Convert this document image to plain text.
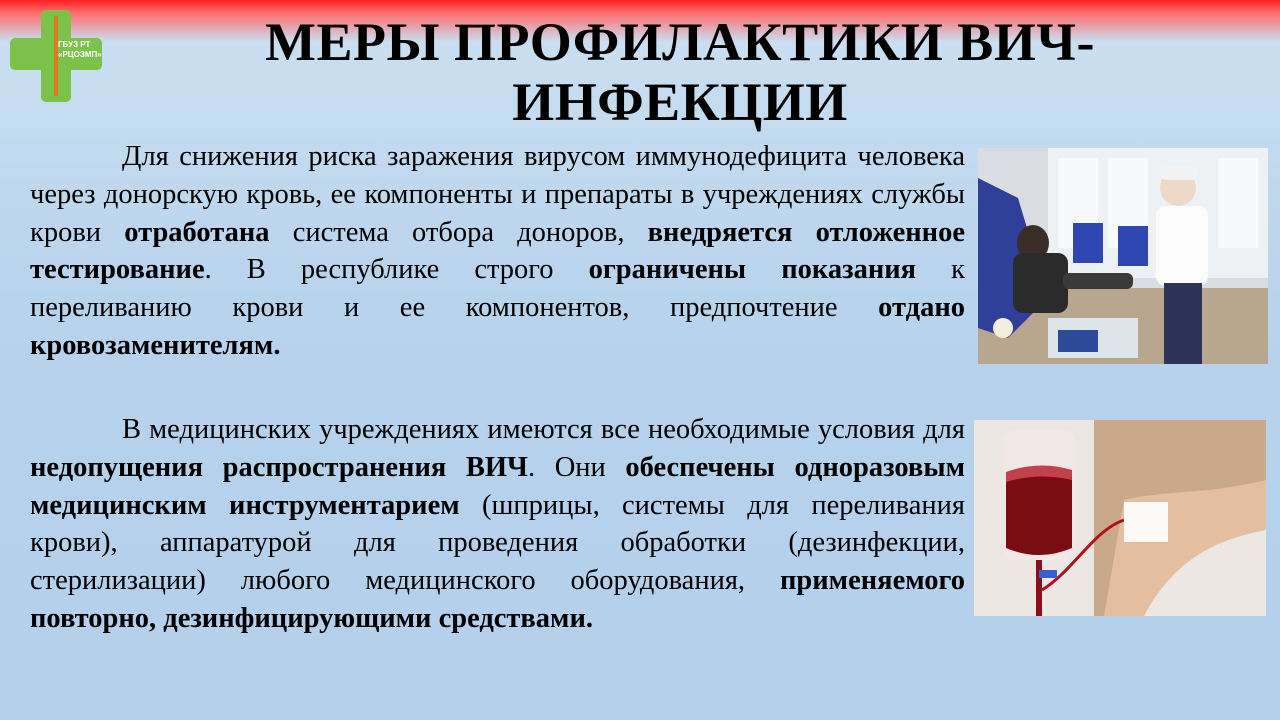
ГБУЗ РТ
«РЦОЗМП»	МЕРЫ ПРОФИЛАКТИКИ ВИЧ-
ИНФЕКЦИИ

Для снижения риска заражения вирусом иммунодефицита человека через донорскую кровь, ее компоненты и препараты в учреждениях службы крови отработана система отбора доноров, внедряется отложенное тестирование. В республике строго ограничены показания к переливанию крови и ее компонентов, предпочтение отдано кровозаменителям.

В медицинских учреждениях имеются все необходимые условия для недопущения распространения ВИЧ. Они обеспечены одноразовым медицинским инструментарием (шприцы, системы для переливания крови), аппаратурой для проведения обработки (дезинфекции, стерилизации) любого медицинского оборудования, применяемого повторно, дезинфицирующими средствами.
